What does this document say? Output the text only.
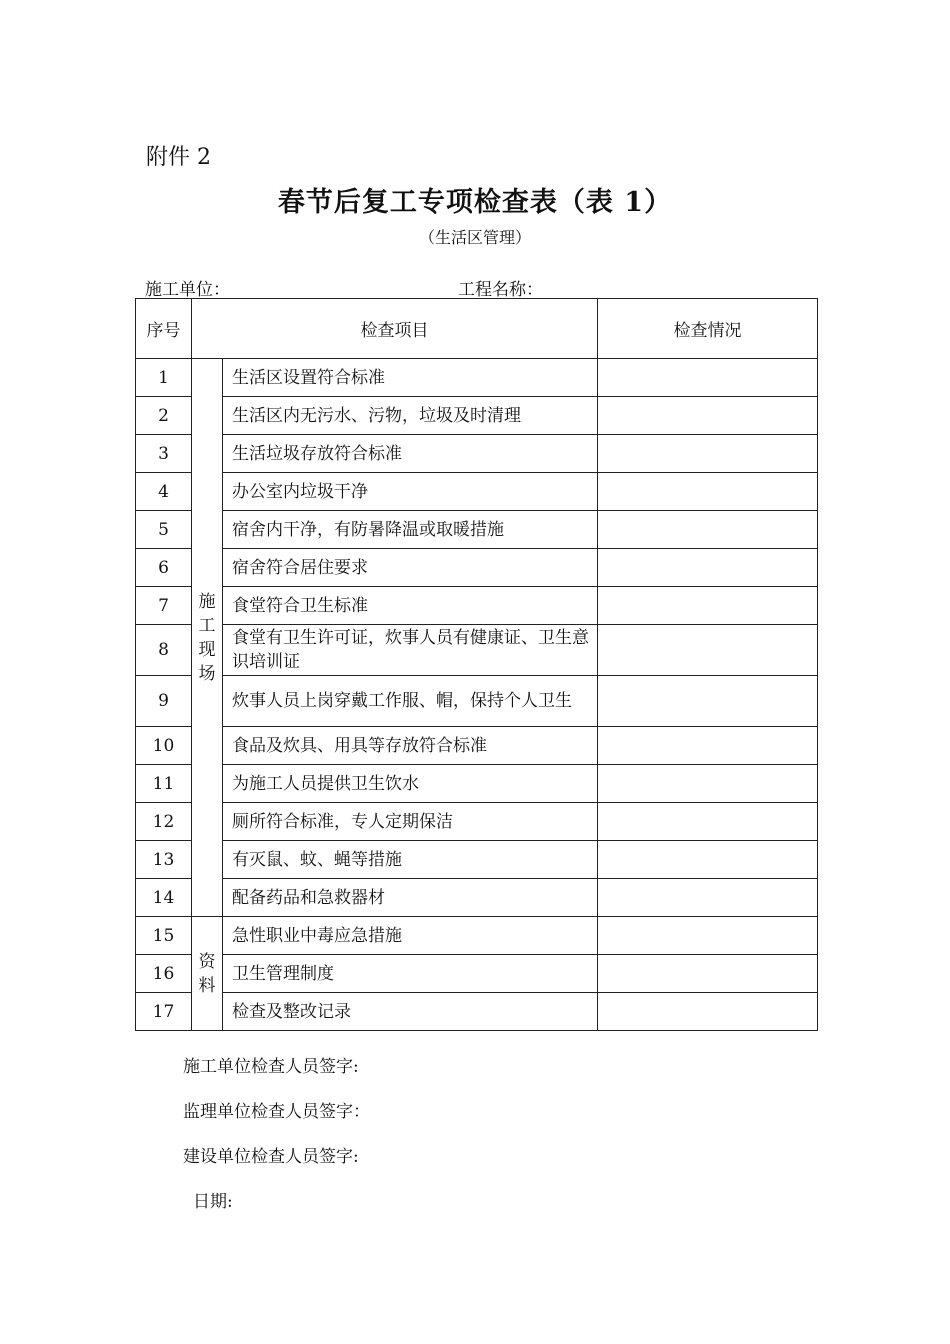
附件 2
春节后复工专项检查表（表 1）
（生活区管理）
施工单位：	工程名称：
序号	检查项目		检查情况
1	施工现场	生活区设置符合标准	
2		生活区内无污水、污物，垃圾及时清理	
3		生活垃圾存放符合标准	
4		办公室内垃圾干净	
5		宿舍内干净，有防暑降温或取暖措施	
6		宿舍符合居住要求	
7		食堂符合卫生标准	
8		食堂有卫生许可证，炊事人员有健康证、卫生意识培训证	
9		炊事人员上岗穿戴工作服、帽，保持个人卫生	
10		食品及炊具、用具等存放符合标准	
11		为施工人员提供卫生饮水	
12		厕所符合标准，专人定期保洁	
13		有灭鼠、蚊、蝇等措施	
14		配备药品和急救器材	
15	资料	急性职业中毒应急措施	
16		卫生管理制度	
17		检查及整改记录	
施工单位检查人员签字:
监理单位检查人员签字：
建设单位检查人员签字:
日期:
